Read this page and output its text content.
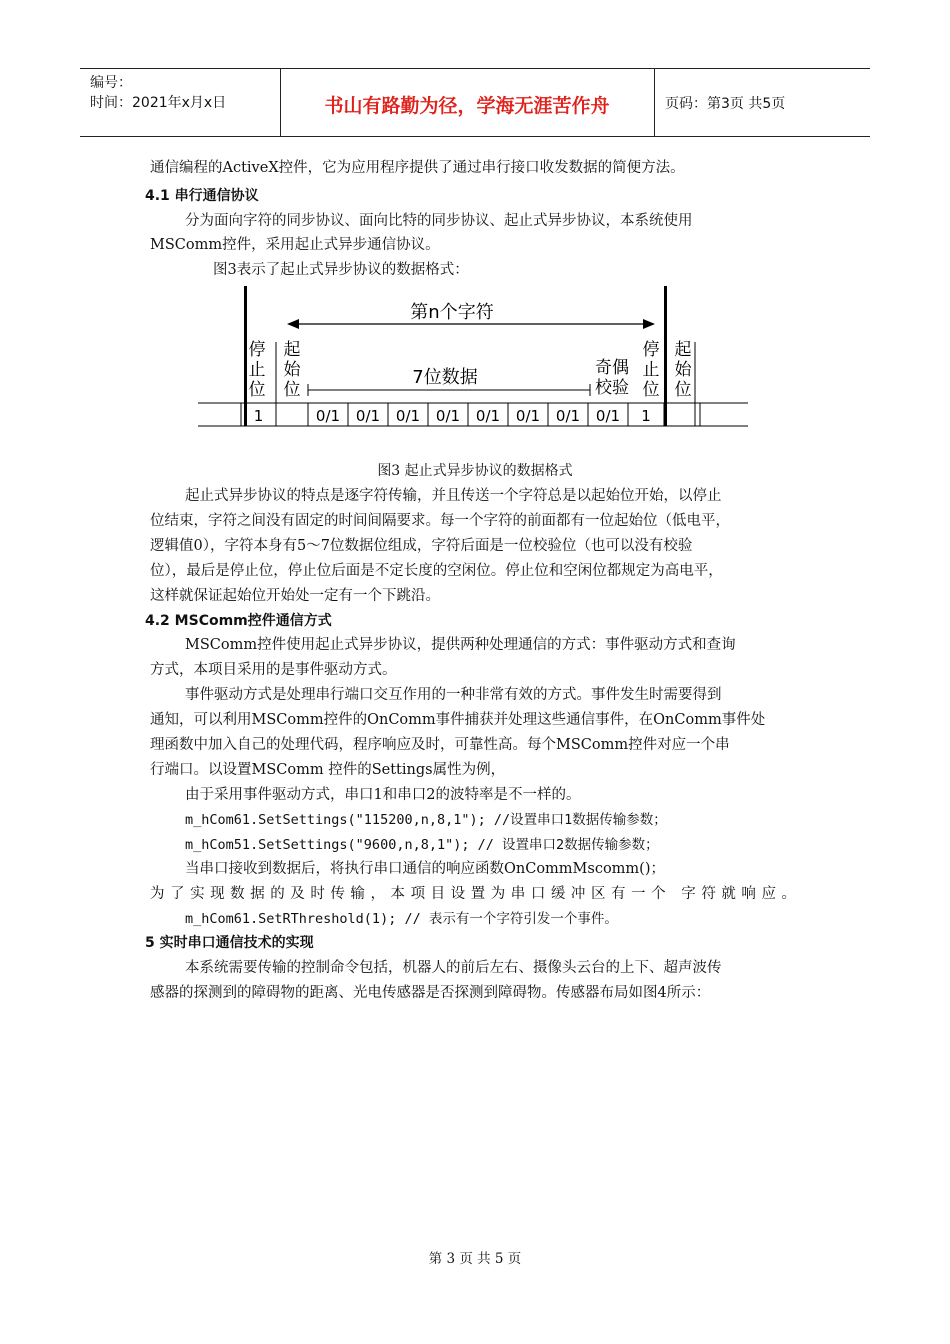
编号：
时间：2021年x月x日	书山有路勤为径，学海无涯苦作舟	页码：第3页 共5页
通信编程的ActiveX控件，它为应用程序提供了通过串行接口收发数据的简便方法。
4.1 串行通信协议
分为面向字符的同步协议、面向比特的同步协议、起止式异步协议，本系统使用
MSComm控件，采用起止式异步通信协议。
图3表示了起止式异步协议的数据格式：
第n个字符
停
止
位
起
始
位
停
止
位
起
始
位
奇偶
校验
7位数据
1	0/1 0/1 0/1 0/1 0/1 0/1 0/1 0/1 1
图3 起止式异步协议的数据格式
起止式异步协议的特点是逐字符传输，并且传送一个字符总是以起始位开始，以停止
位结束，字符之间没有固定的时间间隔要求。每一个字符的前面都有一位起始位（低电平，
逻辑值0），字符本身有5～7位数据位组成，字符后面是一位校验位（也可以没有校验
位），最后是停止位，停止位后面是不定长度的空闲位。停止位和空闲位都规定为高电平，
这样就保证起始位开始处一定有一个下跳沿。
4.2 MSComm控件通信方式
MSComm控件使用起止式异步协议，提供两种处理通信的方式：事件驱动方式和查询
方式，本项目采用的是事件驱动方式。
事件驱动方式是处理串行端口交互作用的一种非常有效的方式。事件发生时需要得到
通知，可以利用MSComm控件的OnComm事件捕获并处理这些通信事件，在OnComm事件处
理函数中加入自己的处理代码，程序响应及时，可靠性高。每个MSComm控件对应一个串
行端口。以设置MSComm 控件的Settings属性为例，
由于采用事件驱动方式，串口1和串口2的波特率是不一样的。
m_hCom61.SetSettings("115200,n,8,1"); //设置串口1数据传输参数；
m_hCom51.SetSettings("9600,n,8,1"); // 设置串口2数据传输参数；
当串口接收到数据后，将执行串口通信的响应函数OnCommMscomm()；
为了实现数据的及时传输，本项目设置为串口缓冲区有一个 字符就响应。
m_hCom61.SetRThreshold(1); // 表示有一个字符引发一个事件。
5 实时串口通信技术的实现
本系统需要传输的控制命令包括，机器人的前后左右、摄像头云台的上下、超声波传
感器的探测到的障碍物的距离、光电传感器是否探测到障碍物。传感器布局如图4所示：
第 3 页 共 5 页
